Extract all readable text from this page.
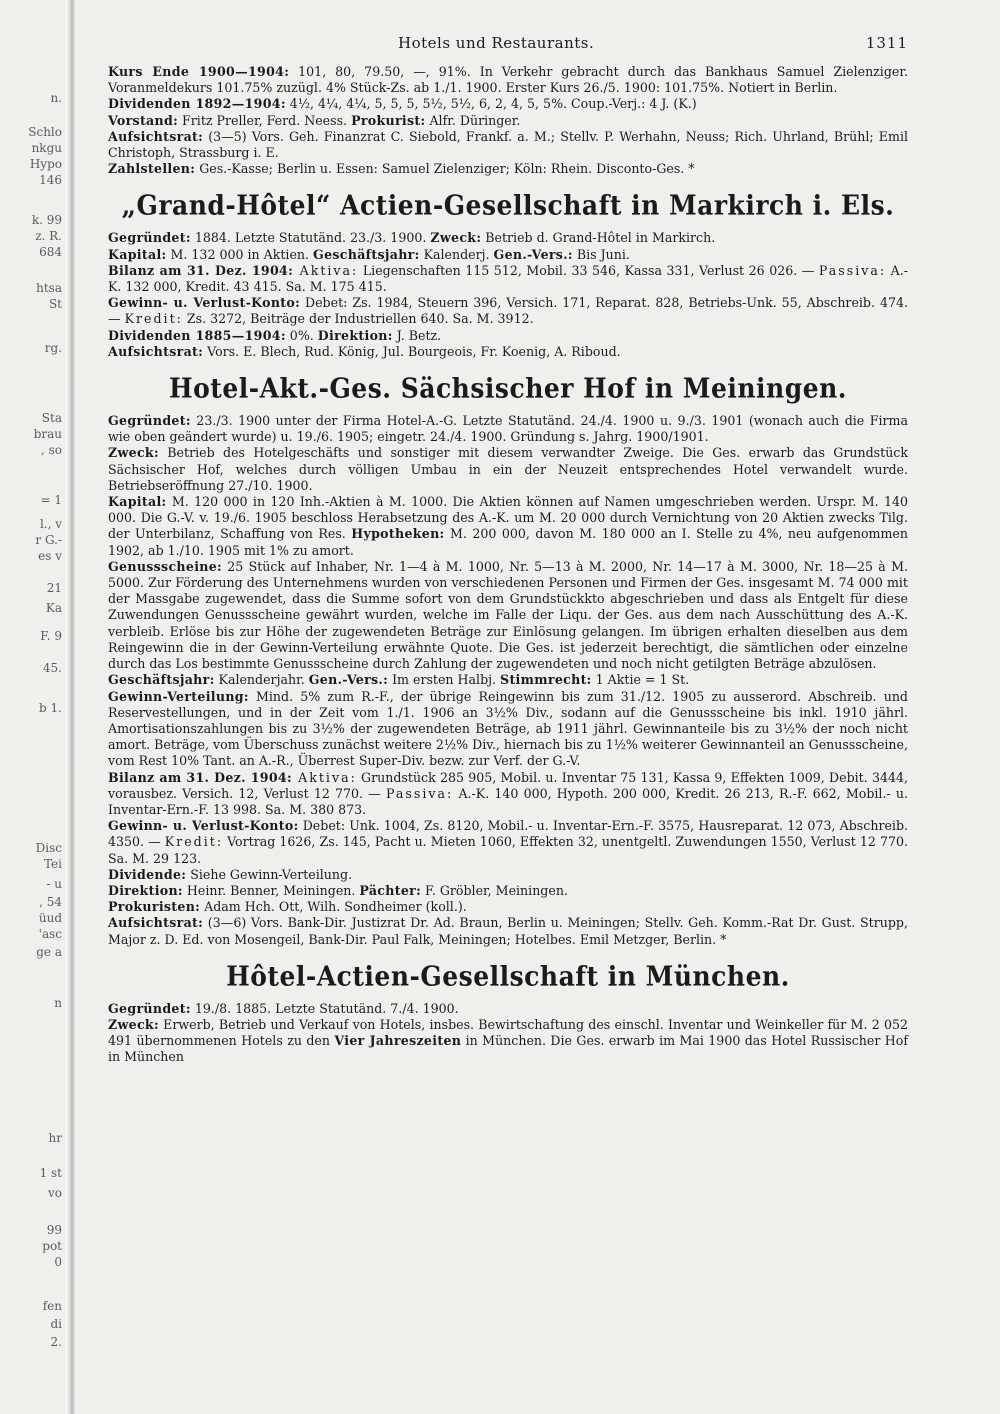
n.
Schlo
nkgu
Hypo
146
k. 99
z. R.
684
htsa
St
rg.
Sta
brau
, so
= 1
l., v
r G.-
es v
21
Ka
F. 9
45.
b 1.
Disc
Tei
- u
, 54
üud
'asc
ge a
n
hr
1 st
vo
99
pot
0
fen
di
2.
Hotels und Restaurants.	1311

Kurs Ende 1900—1904: 101, 80, 79.50, —, 91%. In Verkehr gebracht durch das Bankhaus Samuel Zielenziger. Voranmeldekurs 101.75% zuzügl. 4% Stück-Zs. ab 1./1. 1900. Erster Kurs 26./5. 1900: 101.75%. Notiert in Berlin.

Dividenden 1892—1904: 4½, 4¼, 4¼, 5, 5, 5, 5½, 5½, 6, 2, 4, 5, 5%. Coup.-Verj.: 4 J. (K.)

Vorstand: Fritz Preller, Ferd. Neess. Prokurist: Alfr. Düringer.

Aufsichtsrat: (3—5) Vors. Geh. Finanzrat C. Siebold, Frankf. a. M.; Stellv. P. Werhahn, Neuss; Rich. Uhrland, Brühl; Emil Christoph, Strassburg i. E.

Zahlstellen: Ges.-Kasse; Berlin u. Essen: Samuel Zielenziger; Köln: Rhein. Disconto-Ges. *

„Grand-Hôtel“ Actien-Gesellschaft in Markirch i. Els.

Gegründet: 1884. Letzte Statutänd. 23./3. 1900. Zweck: Betrieb d. Grand-Hôtel in Markirch.

Kapital: M. 132 000 in Aktien. Geschäftsjahr: Kalenderj. Gen.-Vers.: Bis Juni.

Bilanz am 31. Dez. 1904: Aktiva: Liegenschaften 115 512, Mobil. 33 546, Kassa 331, Verlust 26 026. — Passiva: A.-K. 132 000, Kredit. 43 415. Sa. M. 175 415.

Gewinn- u. Verlust-Konto: Debet: Zs. 1984, Steuern 396, Versich. 171, Reparat. 828, Betriebs-Unk. 55, Abschreib. 474. — Kredit: Zs. 3272, Beiträge der Industriellen 640. Sa. M. 3912.

Dividenden 1885—1904: 0%. Direktion: J. Betz.

Aufsichtsrat: Vors. E. Blech, Rud. König, Jul. Bourgeois, Fr. Koenig, A. Riboud.

Hotel-Akt.-Ges. Sächsischer Hof in Meiningen.

Gegründet: 23./3. 1900 unter der Firma Hotel-A.-G. Letzte Statutänd. 24./4. 1900 u. 9./3. 1901 (wonach auch die Firma wie oben geändert wurde) u. 19./6. 1905; eingetr. 24./4. 1900. Gründung s. Jahrg. 1900/1901.

Zweck: Betrieb des Hotelgeschäfts und sonstiger mit diesem verwandter Zweige. Die Ges. erwarb das Grundstück Sächsischer Hof, welches durch völligen Umbau in ein der Neuzeit entsprechendes Hotel verwandelt wurde. Betriebseröffnung 27./10. 1900.

Kapital: M. 120 000 in 120 Inh.-Aktien à M. 1000. Die Aktien können auf Namen umgeschrieben werden. Urspr. M. 140 000. Die G.-V. v. 19./6. 1905 beschloss Herabsetzung des A.-K. um M. 20 000 durch Vernichtung von 20 Aktien zwecks Tilg. der Unterbilanz, Schaffung von Res. Hypotheken: M. 200 000, davon M. 180 000 an I. Stelle zu 4%, neu aufgenommen 1902, ab 1./10. 1905 mit 1% zu amort.

Genussscheine: 25 Stück auf Inhaber, Nr. 1—4 à M. 1000, Nr. 5—13 à M. 2000, Nr. 14—17 à M. 3000, Nr. 18—25 à M. 5000. Zur Förderung des Unternehmens wurden von verschiedenen Personen und Firmen der Ges. insgesamt M. 74 000 mit der Massgabe zugewendet, dass die Summe sofort von dem Grundstückkto abgeschrieben und dass als Entgelt für diese Zuwendungen Genussscheine gewährt wurden, welche im Falle der Liqu. der Ges. aus dem nach Ausschüttung des A.-K. verbleib. Erlöse bis zur Höhe der zugewendeten Beträge zur Einlösung gelangen. Im übrigen erhalten dieselben aus dem Reingewinn die in der Gewinn-Verteilung erwähnte Quote. Die Ges. ist jederzeit berechtigt, die sämtlichen oder einzelne durch das Los bestimmte Genussscheine durch Zahlung der zugewendeten und noch nicht getilgten Beträge abzulösen.

Geschäftsjahr: Kalenderjahr. Gen.-Vers.: Im ersten Halbj. Stimmrecht: 1 Aktie = 1 St.

Gewinn-Verteilung: Mind. 5% zum R.-F., der übrige Reingewinn bis zum 31./12. 1905 zu ausserord. Abschreib. und Reservestellungen, und in der Zeit vom 1./1. 1906 an 3½% Div., sodann auf die Genussscheine bis inkl. 1910 jährl. Amortisationszahlungen bis zu 3½% der zugewendeten Beträge, ab 1911 jährl. Gewinnanteile bis zu 3½% der noch nicht amort. Beträge, vom Überschuss zunächst weitere 2½% Div., hiernach bis zu 1½% weiterer Gewinnanteil an Genussscheine, vom Rest 10% Tant. an A.-R., Überrest Super-Div. bezw. zur Verf. der G.-V.

Bilanz am 31. Dez. 1904: Aktiva: Grundstück 285 905, Mobil. u. Inventar 75 131, Kassa 9, Effekten 1009, Debit. 3444, vorausbez. Versich. 12, Verlust 12 770. — Passiva: A.-K. 140 000, Hypoth. 200 000, Kredit. 26 213, R.-F. 662, Mobil.- u. Inventar-Ern.-F. 13 998. Sa. M. 380 873.

Gewinn- u. Verlust-Konto: Debet: Unk. 1004, Zs. 8120, Mobil.- u. Inventar-Ern.-F. 3575, Hausreparat. 12 073, Abschreib. 4350. — Kredit: Vortrag 1626, Zs. 145, Pacht u. Mieten 1060, Effekten 32, unentgeltl. Zuwendungen 1550, Verlust 12 770. Sa. M. 29 123.

Dividende: Siehe Gewinn-Verteilung.

Direktion: Heinr. Benner, Meiningen. Pächter: F. Gröbler, Meiningen.

Prokuristen: Adam Hch. Ott, Wilh. Sondheimer (koll.).

Aufsichtsrat: (3—6) Vors. Bank-Dir. Justizrat Dr. Ad. Braun, Berlin u. Meiningen; Stellv. Geh. Komm.-Rat Dr. Gust. Strupp, Major z. D. Ed. von Mosengeil, Bank-Dir. Paul Falk, Meiningen; Hotelbes. Emil Metzger, Berlin. *

Hôtel-Actien-Gesellschaft in München.

Gegründet: 19./8. 1885. Letzte Statutänd. 7./4. 1900.

Zweck: Erwerb, Betrieb und Verkauf von Hotels, insbes. Bewirtschaftung des einschl. Inventar und Weinkeller für M. 2 052 491 übernommenen Hotels zu den Vier Jahreszeiten in München. Die Ges. erwarb im Mai 1900 das Hotel Russischer Hof in München
